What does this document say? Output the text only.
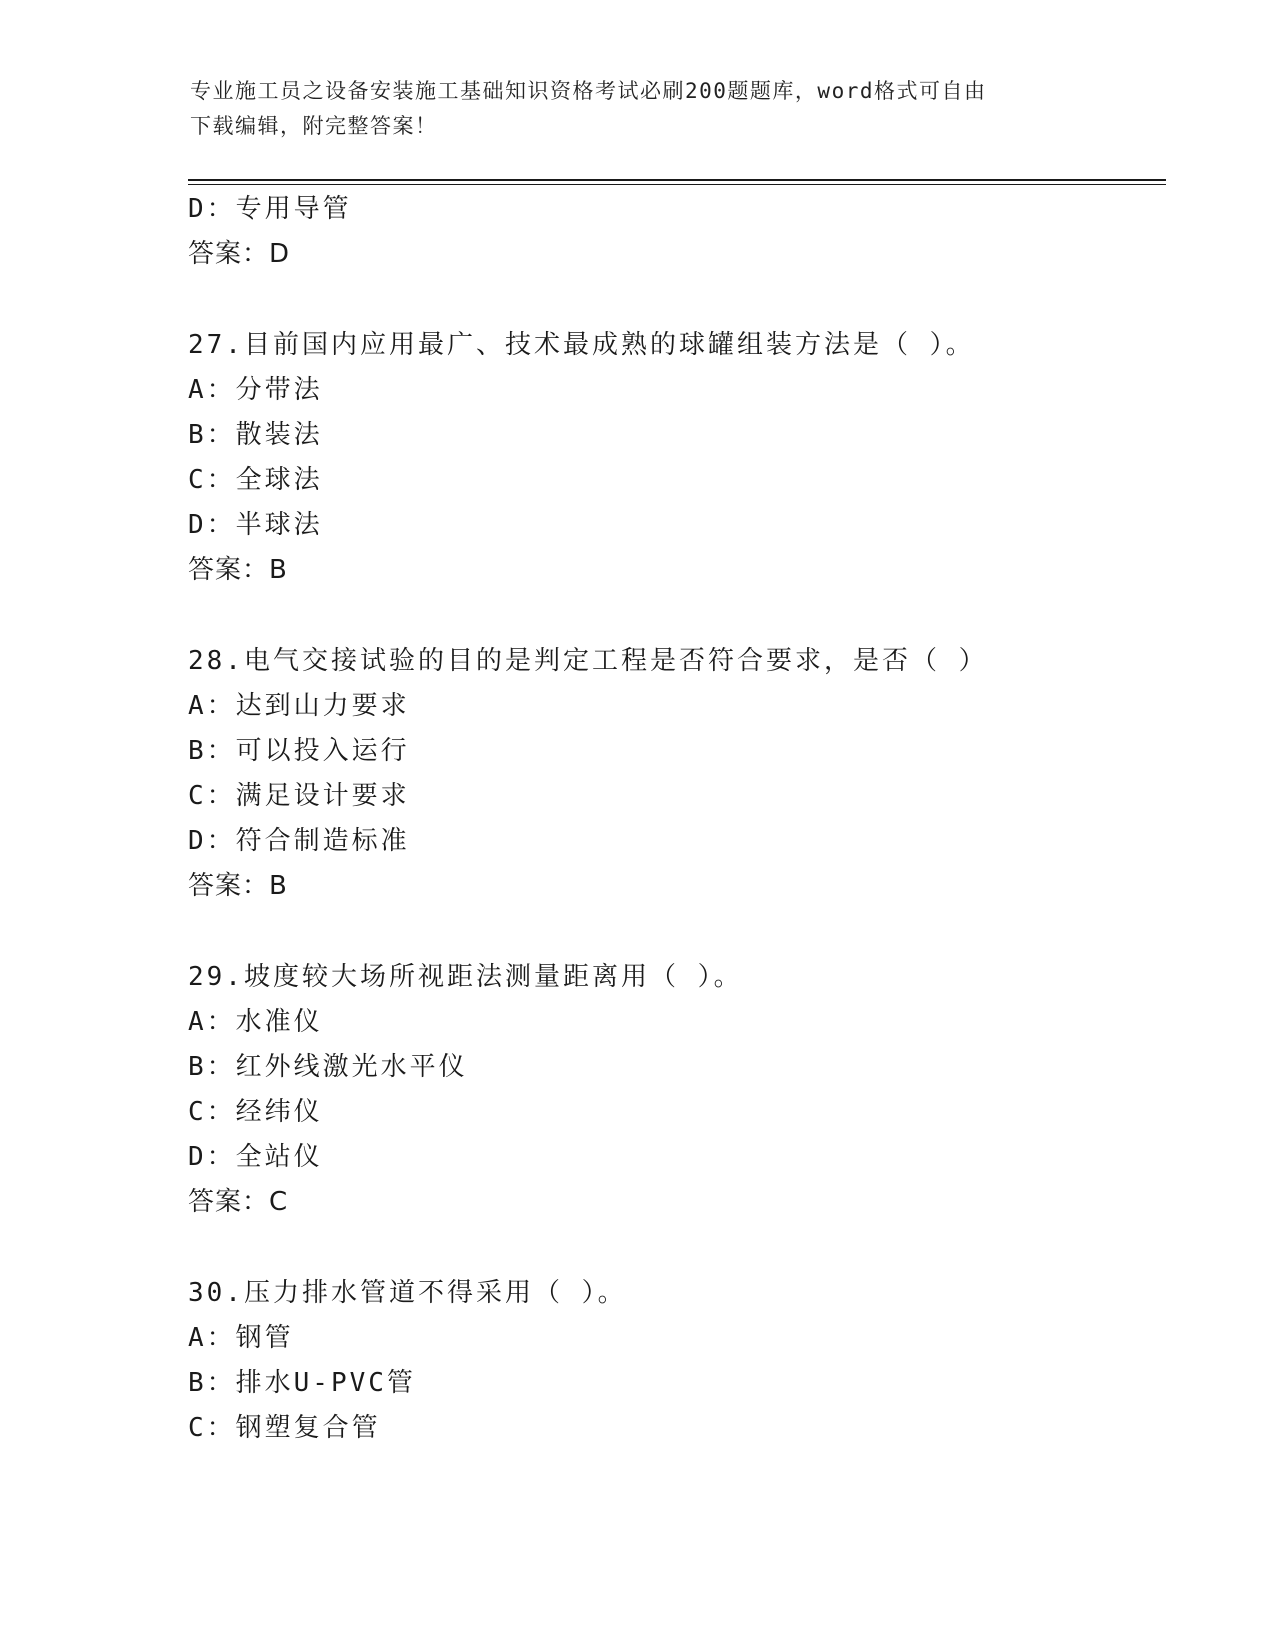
专业施工员之设备安装施工基础知识资格考试必刷200题题库，word格式可自由
下载编辑，附完整答案！
D：专用导管
答案：D
27.目前国内应用最广、技术最成熟的球罐组装方法是（ ）。
A：分带法
B：散装法
C：全球法
D：半球法
答案：B
28.电气交接试验的目的是判定工程是否符合要求，是否（ ）
A：达到山力要求
B：可以投入运行
C：满足设计要求
D：符合制造标准
答案：B
29.坡度较大场所视距法测量距离用（ ）。
A：水准仪
B：红外线激光水平仪
C：经纬仪
D：全站仪
答案：C
30.压力排水管道不得采用（ ）。
A：钢管
B：排水U-PVC管
C：钢塑复合管
